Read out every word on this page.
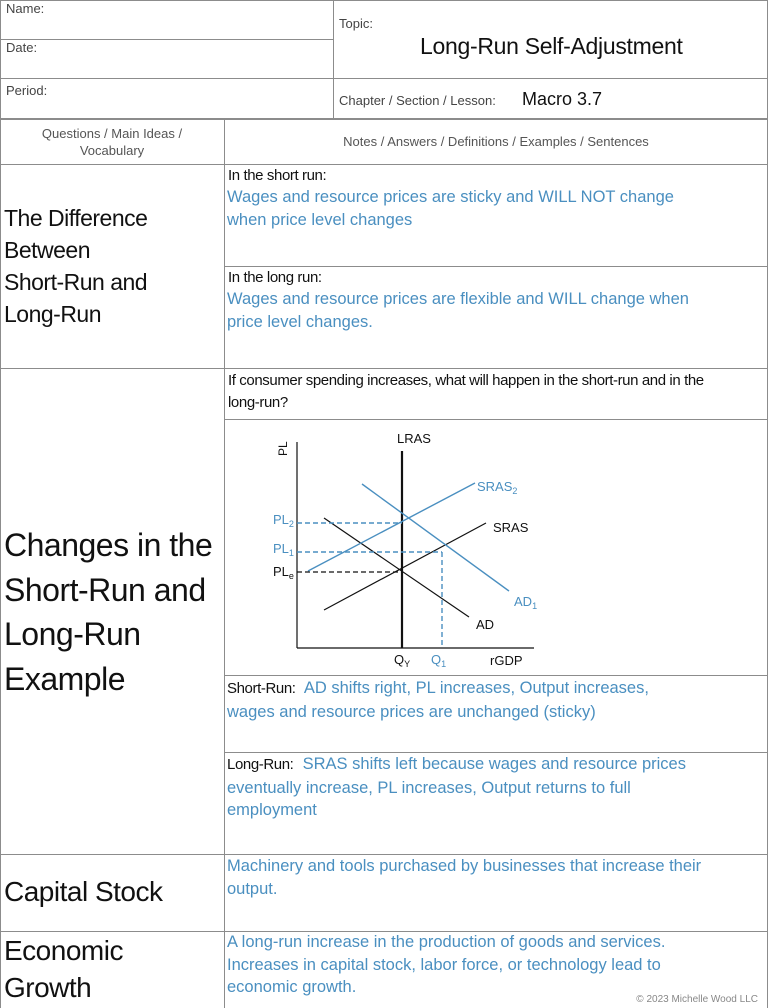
Name:
Date:
Period:
Topic:
Long-Run Self-Adjustment
Chapter / Section / Lesson: Macro 3.7
Questions / Main Ideas / Vocabulary
Notes / Answers / Definitions / Examples / Sentences
The Difference
Between
Short-Run and
Long-Run
In the short run:
Wages and resource prices are sticky and WILL NOT change when price level changes
In the long run:
Wages and resource prices are flexible and WILL change when price level changes.
Changes in the
Short-Run and
Long-Run
Example
If consumer spending increases, what will happen in the short-run and in the long-run?
PL
LRAS
$SRAS_2$
SRAS
$AD_1$
AD
$PL_2$
$PL_1$
$PL_e$
$Q_Y$ $Q_1$	rGDP
Short-Run: AD shifts right, PL increases, Output increases, wages and resource prices are unchanged (sticky)
Long-Run: SRAS shifts left because wages and resource prices eventually increase, PL increases, Output returns to full employment
Capital Stock
Machinery and tools purchased by businesses that increase their output.
Economic
Growth
A long-run increase in the production of goods and services. Increases in capital stock, labor force, or technology lead to economic growth.
© 2023 Michelle Wood LLC
